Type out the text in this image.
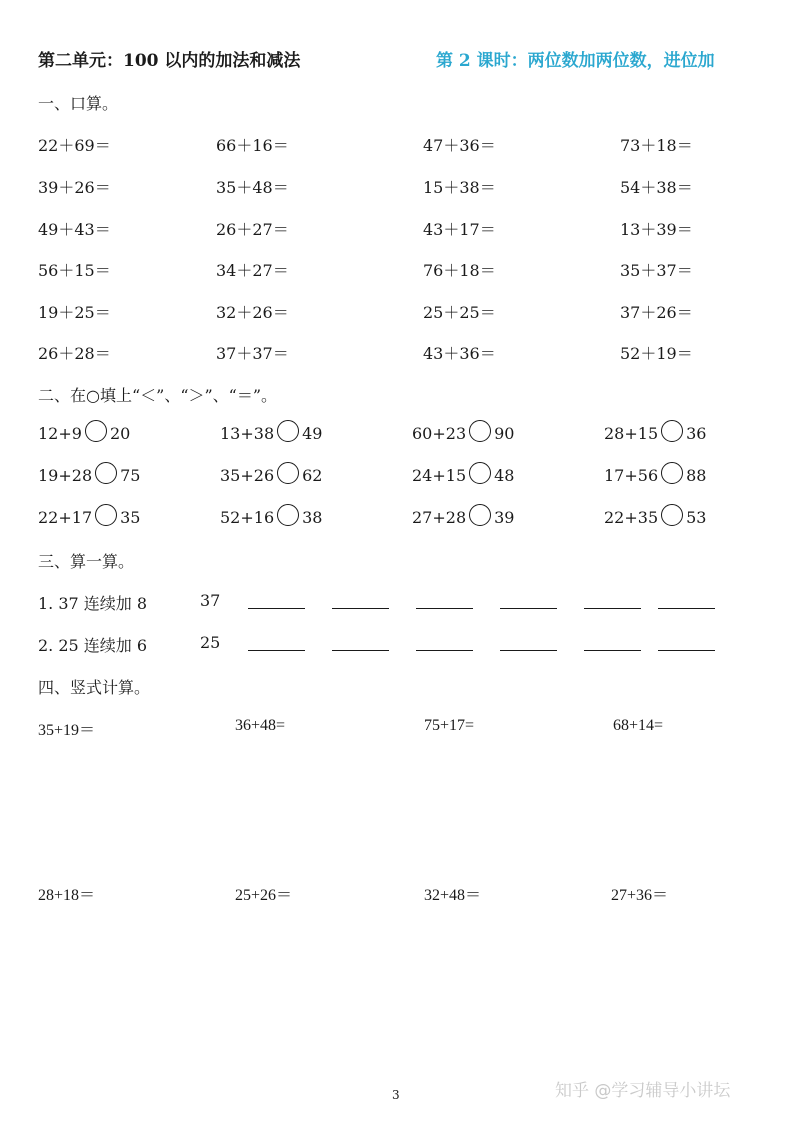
第二单元：100 以内的加法和减法	第 2 课时：两位数加两位数，进位加
一、口算。
22＋69＝	66＋16＝	47＋36＝	73＋18＝
39＋26＝	35＋48＝	15＋38＝	54＋38＝
49＋43＝	26＋27＝	43＋17＝	13＋39＝
56＋15＝	34＋27＝	76＋18＝	35＋37＝
19＋25＝	32＋26＝	25＋25＝	37＋26＝
26＋28＝	37＋37＝	43＋36＝	52＋19＝
二、在○填上“＜”、“＞”、“＝”。
12+9 20	13+38 49	60+23 90	28+15 36
19+28 75	35+26 62	24+15 48	17+56 88
22+17 35	52+16 38	27+28 39	22+35 53
三、算一算。
1. 37 连续加 8	37
2. 25 连续加 6	25
四、竖式计算。
35+19＝	36+48=	75+17=	68+14=
28+18＝	25+26＝	32+48＝	27+36＝
3	知乎 @学习辅导小讲坛
